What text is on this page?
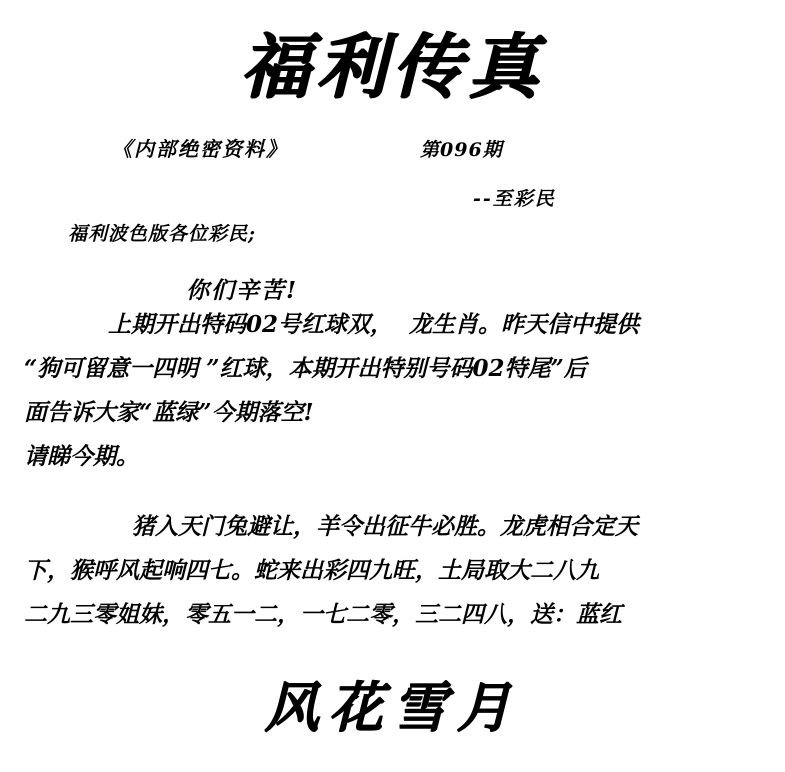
福利传真
《内部绝密资料》	第096期
--至彩民
福利波色版各位彩民;
你们辛苦!
上期开出特码02号红球双，  龙生肖。昨天信中提供
“狗可留意一四明 ”红球，本期开出特别号码02特尾”后
面告诉大家“蓝绿”今期落空!
请睇今期。
猪入天门兔避让，羊令出征牛必胜。龙虎相合定天
下，猴呼风起响四七。蛇来出彩四九旺，土局取大二八九
二九三零姐妹，零五一二，一七二零，三二四八，送：蓝红
风花雪月
